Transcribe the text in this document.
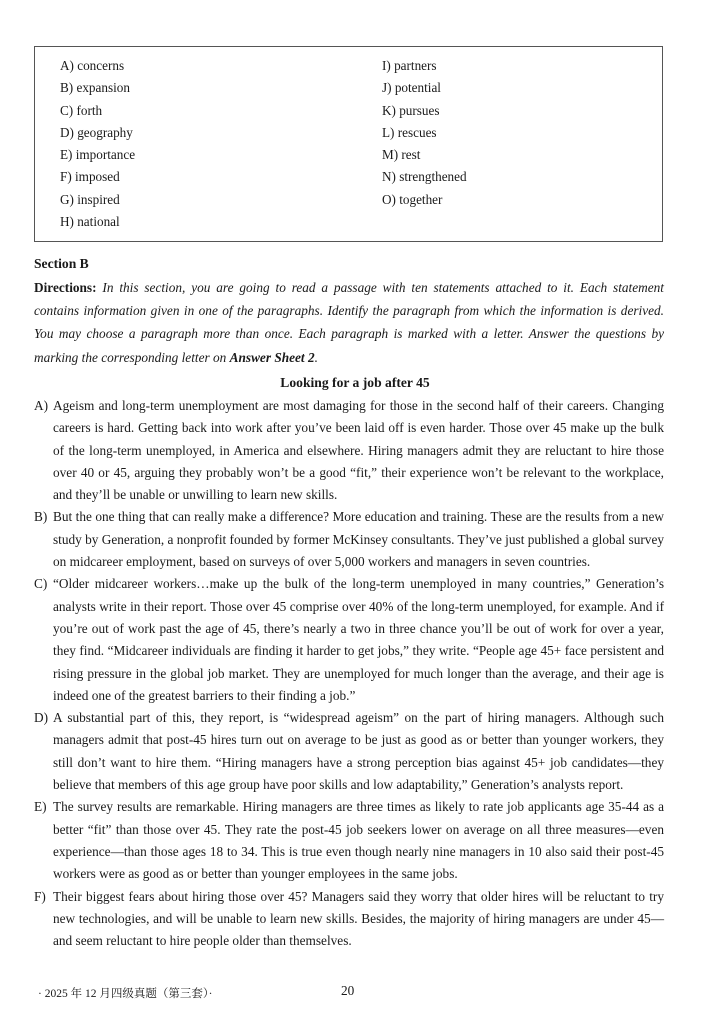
A) concerns
B) expansion
C) forth
D) geography
E) importance
F) imposed
G) inspired
H) national
I) partners
J) potential
K) pursues
L) rescues
M) rest
N) strengthened
O) together
Section B
Directions: In this section, you are going to read a passage with ten statements attached to it. Each statement contains information given in one of the paragraphs. Identify the paragraph from which the information is derived. You may choose a paragraph more than once. Each paragraph is marked with a letter. Answer the questions by marking the corresponding letter on Answer Sheet 2.
Looking for a job after 45
A) Ageism and long-term unemployment are most damaging for those in the second half of their careers. Changing careers is hard. Getting back into work after you’ve been laid off is even harder. Those over 45 make up the bulk of the long-term unemployed, in America and elsewhere. Hiring managers admit they are reluctant to hire those over 40 or 45, arguing they probably won’t be a good “fit,” their experience won’t be relevant to the workplace, and they’ll be unable or unwilling to learn new skills.
B) But the one thing that can really make a difference? More education and training. These are the results from a new study by Generation, a nonprofit founded by former McKinsey consultants. They’ve just published a global survey on midcareer employment, based on surveys of over 5,000 workers and managers in seven countries.
C) “Older midcareer workers…make up the bulk of the long-term unemployed in many countries,” Generation’s analysts write in their report. Those over 45 comprise over 40% of the long-term unemployed, for example. And if you’re out of work past the age of 45, there’s nearly a two in three chance you’ll be out of work for over a year, they find. “Midcareer individuals are finding it harder to get jobs,” they write. “People age 45+ face persistent and rising pressure in the global job market. They are unemployed for much longer than the average, and their age is indeed one of the greatest barriers to their finding a job.”
D) A substantial part of this, they report, is “widespread ageism” on the part of hiring managers. Although such managers admit that post-45 hires turn out on average to be just as good as or better than younger workers, they still don’t want to hire them. “Hiring managers have a strong perception bias against 45+ job candidates—they believe that members of this age group have poor skills and low adaptability,” Generation’s analysts report.
E) The survey results are remarkable. Hiring managers are three times as likely to rate job applicants age 35-44 as a better “fit” than those over 45. They rate the post-45 job seekers lower on average on all three measures—even experience—than those ages 18 to 34. This is true even though nearly nine managers in 10 also said their post-45 workers were as good as or better than younger employees in the same jobs.
F) Their biggest fears about hiring those over 45? Managers said they worry that older hires will be reluctant to try new technologies, and will be unable to learn new skills. Besides, the majority of hiring managers are under 45—and seem reluctant to hire people older than themselves.
· 2025 年 12 月四级真题（第三套）·	20
